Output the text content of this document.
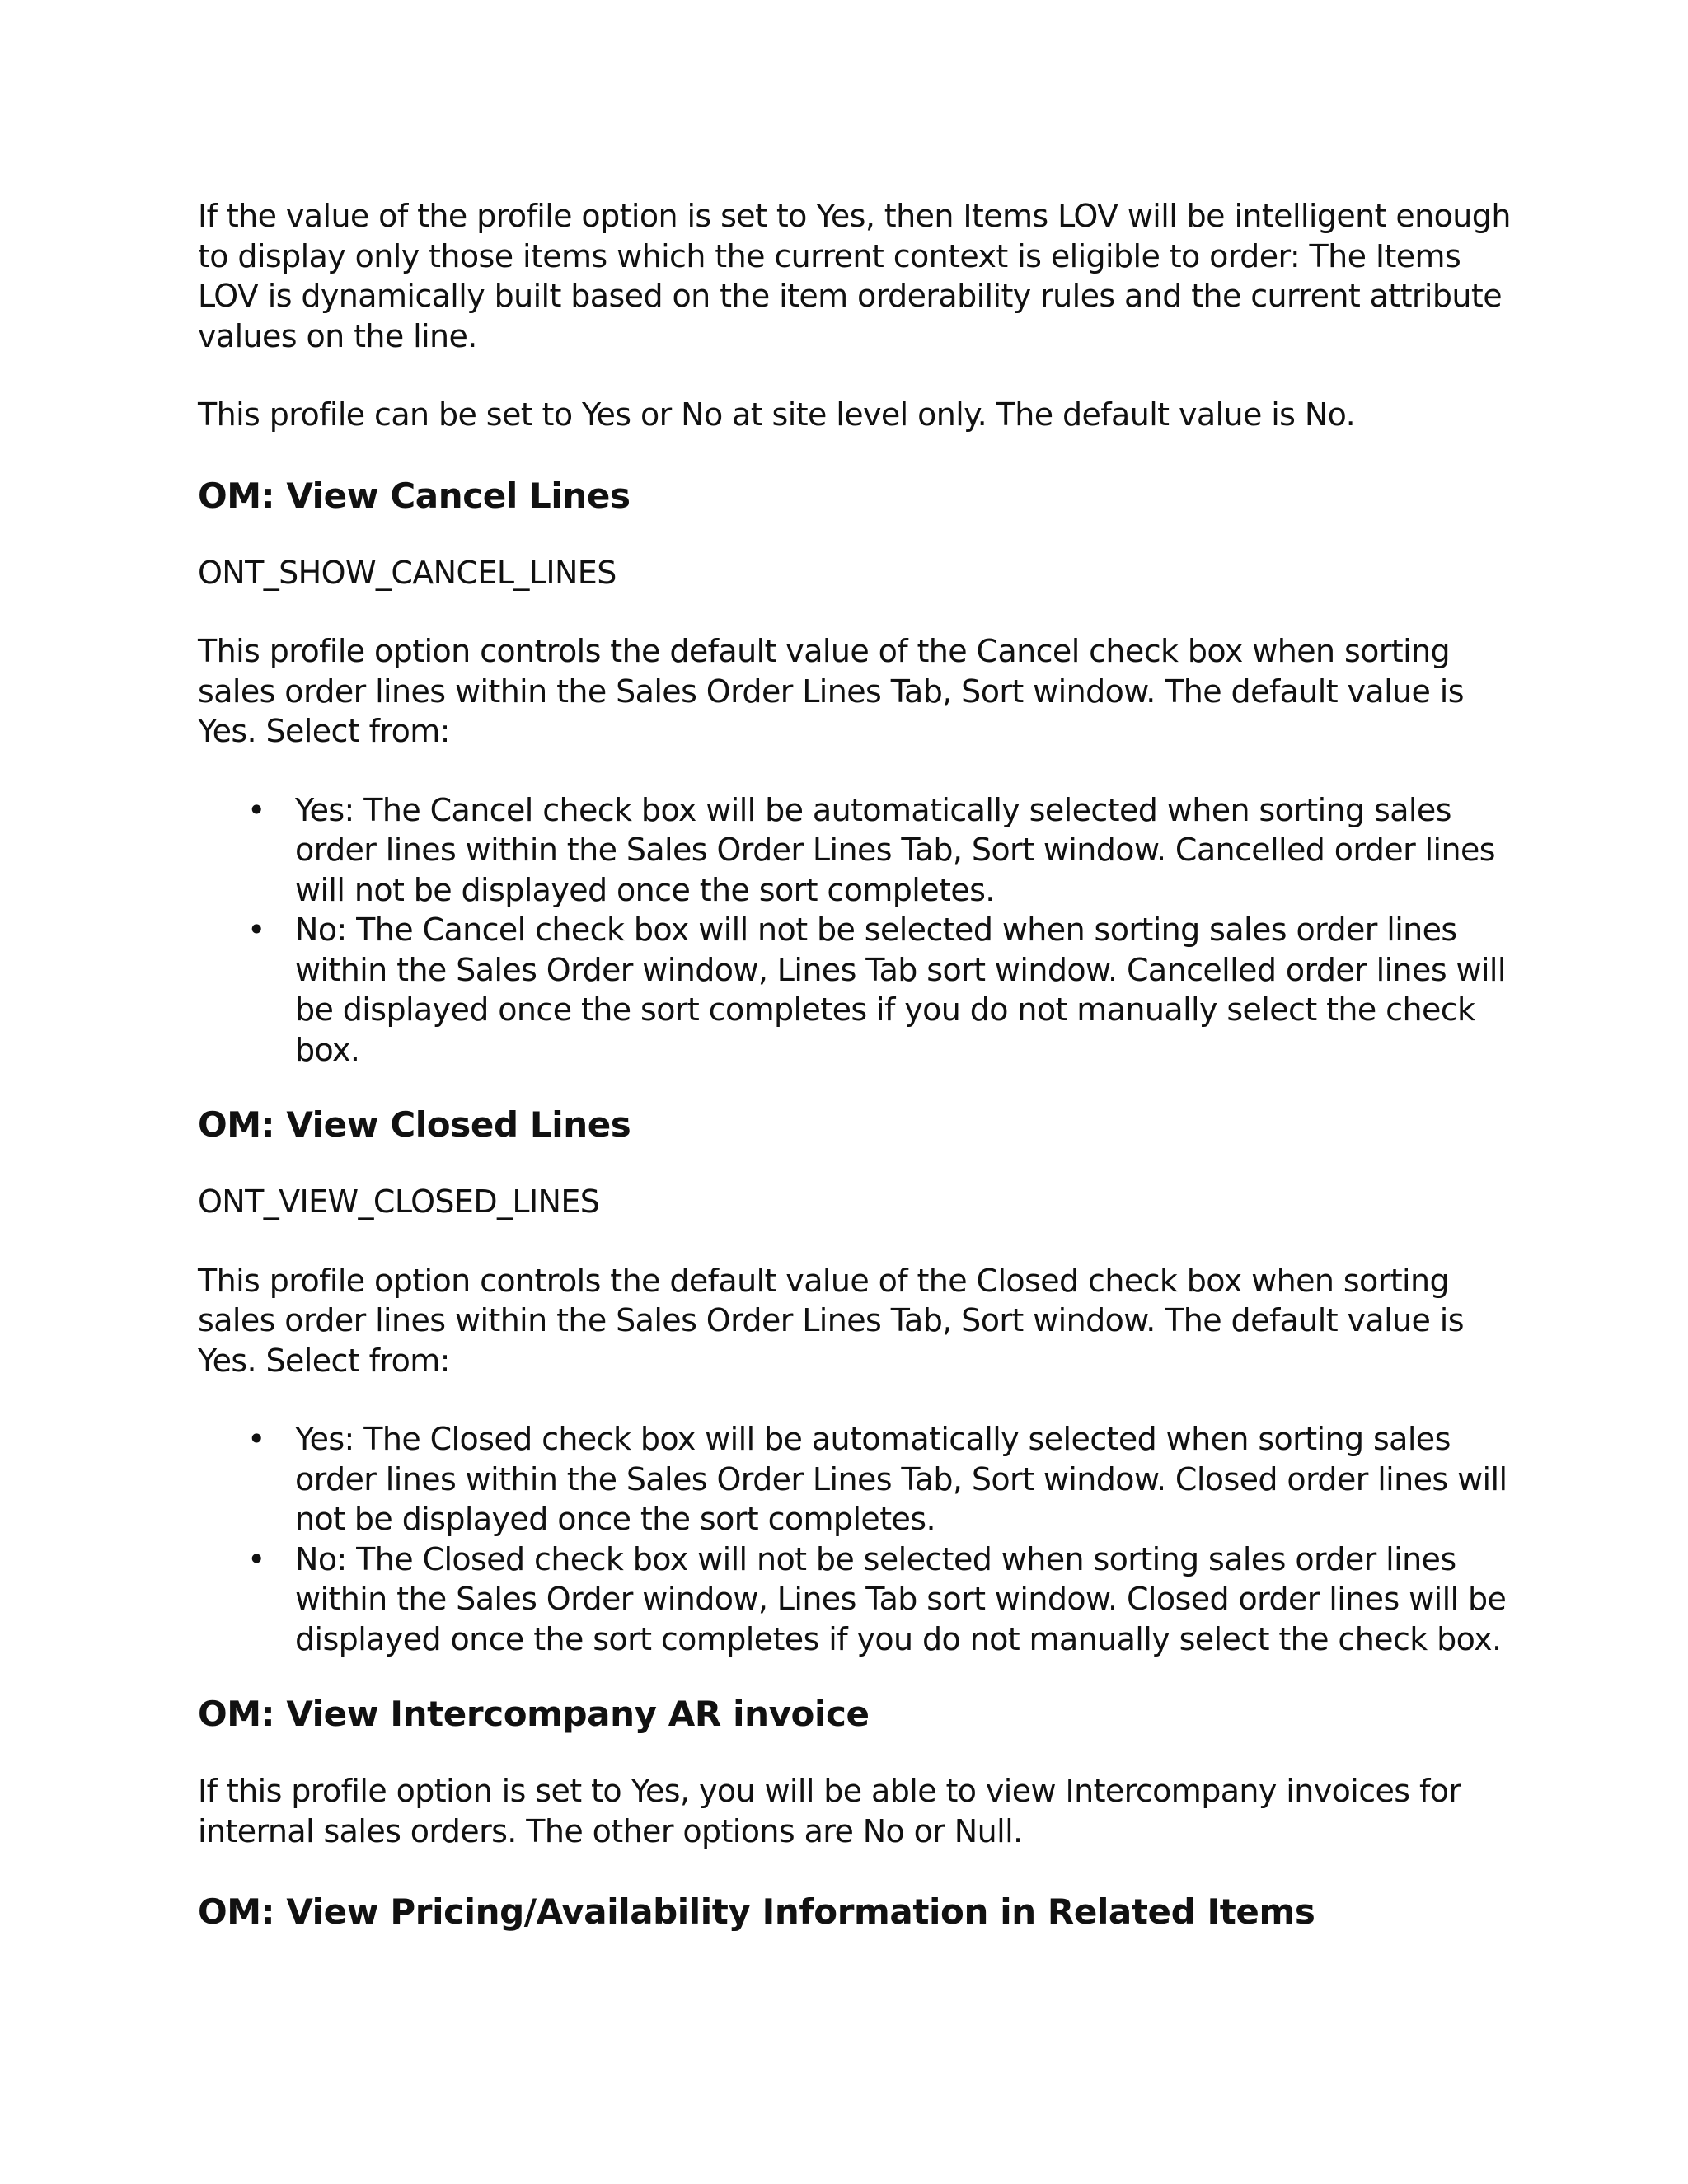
If the value of the profile option is set to Yes, then Items LOV will be intelligent enough to display only those items which the current context is eligible to order: The Items LOV is dynamically built based on the item orderability rules and the current attribute values on the line.

This profile can be set to Yes or No at site level only. The default value is No.

OM: View Cancel Lines

ONT_SHOW_CANCEL_LINES

This profile option controls the default value of the Cancel check box when sorting sales order lines within the Sales Order Lines Tab, Sort window. The default value is Yes. Select from:

• Yes: The Cancel check box will be automatically selected when sorting sales order lines within the Sales Order Lines Tab, Sort window. Cancelled order lines will not be displayed once the sort completes.
• No: The Cancel check box will not be selected when sorting sales order lines within the Sales Order window, Lines Tab sort window. Cancelled order lines will be displayed once the sort completes if you do not manually select the check box.
OM: View Closed Lines

ONT_VIEW_CLOSED_LINES

This profile option controls the default value of the Closed check box when sorting sales order lines within the Sales Order Lines Tab, Sort window. The default value is Yes. Select from:

• Yes: The Closed check box will be automatically selected when sorting sales order lines within the Sales Order Lines Tab, Sort window. Closed order lines will not be displayed once the sort completes.
• No: The Closed check box will not be selected when sorting sales order lines within the Sales Order window, Lines Tab sort window. Closed order lines will be displayed once the sort completes if you do not manually select the check box.
OM: View Intercompany AR invoice

If this profile option is set to Yes, you will be able to view Intercompany invoices for internal sales orders. The other options are No or Null.

OM: View Pricing/Availability Information in Related Items
